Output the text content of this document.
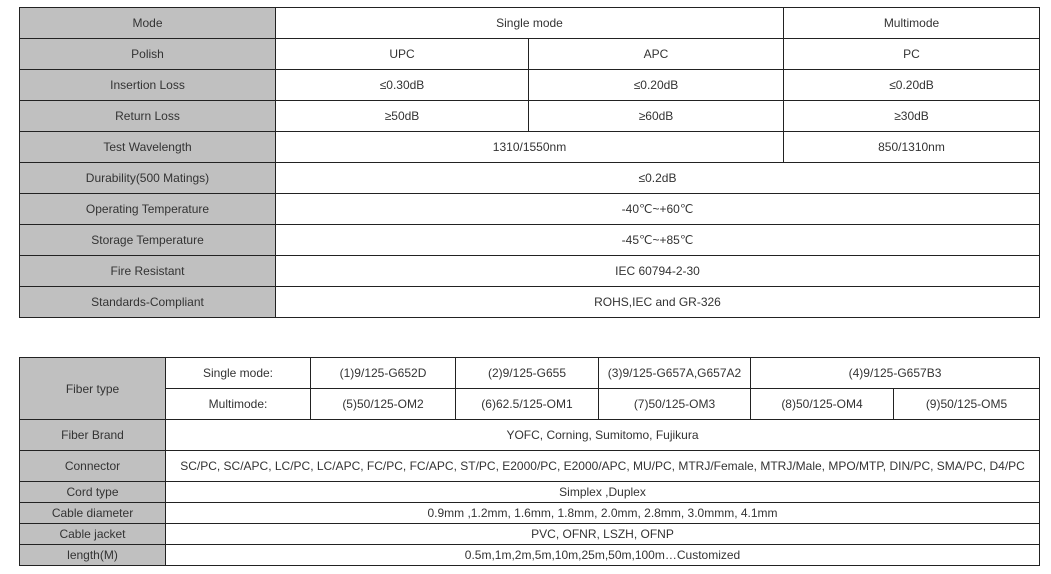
Mode	Single mode		Multimode
Polish	UPC	APC	PC
Insertion Loss	≤0.30dB	≤0.20dB	≤0.20dB
Return Loss	≥50dB	≥60dB	≥30dB
Test Wavelength	1310/1550nm		850/1310nm
Durability(500 Matings)	≤0.2dB		
Operating Temperature	-40℃~+60℃		
Storage Temperature	-45℃~+85℃		
Fire Resistant	IEC 60794-2-30		
Standards-Compliant	ROHS,IEC and GR-326		
Fiber type	Single mode:	(1)9/125-G652D	(2)9/125-G655	(3)9/125-G657A,G657A2	(4)9/125-G657B3	
	Multimode:	(5)50/125-OM2	(6)62.5/125-OM1	(7)50/125-OM3	(8)50/125-OM4	(9)50/125-OM5
Fiber Brand	YOFC, Corning, Sumitomo, Fujikura					
Connector	SC/PC, SC/APC, LC/PC, LC/APC, FC/PC, FC/APC, ST/PC, E2000/PC, E2000/APC, MU/PC, MTRJ/Female, MTRJ/Male, MPO/MTP, DIN/PC, SMA/PC, D4/PC					
Cord type	Simplex ,Duplex					
Cable diameter	0.9mm ,1.2mm, 1.6mm, 1.8mm, 2.0mm, 2.8mm, 3.0mmm, 4.1mm					
Cable jacket	PVC, OFNR, LSZH, OFNP					
length(M)	0.5m,1m,2m,5m,10m,25m,50m,100m…Customized					
